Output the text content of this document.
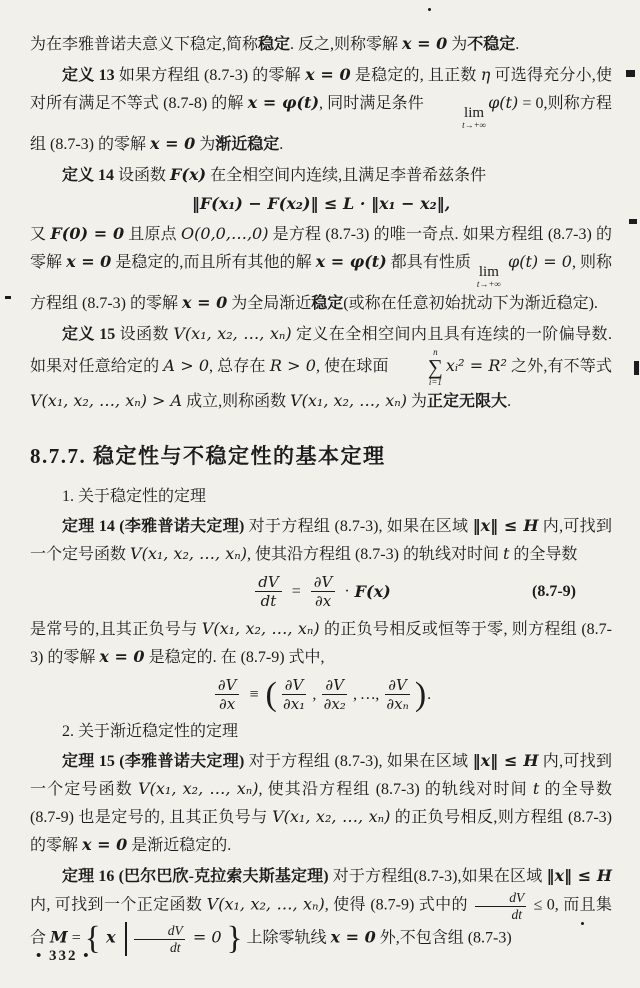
为在李雅普诺夫意义下稳定,简称稳定. 反之,则称零解 x = 0 为不稳定.

定义 13 如果方程组 (8.7-3) 的零解 x = 0 是稳定的, 且正数 η 可选得充分小,使对所有满足不等式 (8.7-8) 的解 x = φ(t), 同时满足条件
lim
t→+∞
φ(t) = 0,则称方程组 (8.7-3) 的零解 x = 0 为渐近稳定.

定义 14 设函数 F(x) 在全相空间内连续,且满足李普希兹条件

‖F(x₁) − F(x₂)‖ ≤ L · ‖x₁ − x₂‖,

又 F(0) = 0 且原点 O(0,0,…,0) 是方程 (8.7-3) 的唯一奇点. 如果方程组 (8.7-3) 的零解 x = 0 是稳定的,而且所有其他的解 x = φ(t) 都具有性质
lim
t→+∞
φ(t) = 0, 则称方程组 (8.7-3) 的零解 x = 0 为全局渐近稳定(或称在任意初始扰动下为渐近稳定).

定义 15 设函数 V(x₁, x₂, …, xₙ) 定义在全相空间内且具有连续的一阶偏导数. 如果对任意给定的 A > 0, 总存在 R > 0, 使在球面
n
∑
i=1
xᵢ² = R² 之外,有不等式 V(x₁, x₂, …, xₙ) > A 成立,则称函数 V(x₁, x₂, …, xₙ) 为正定无限大.

8.7.7. 稳定性与不稳定性的基本定理

1. 关于稳定性的定理

定理 14 (李雅普诺夫定理) 对于方程组 (8.7-3), 如果在区域 ‖x‖ ≤ H 内,可找到一个定号函数 V(x₁, x₂, …, xₙ), 使其沿方程组 (8.7-3) 的轨线对时间 t 的全导数

$\frac{dV}{dt} = \frac{\partial V}{\partial x} \cdot F(x)$	(8.7-9)

是常号的,且其正负号与 V(x₁, x₂, …, xₙ) 的正负号相反或恒等于零, 则方程组 (8.7-3) 的零解 x = 0 是稳定的. 在 (8.7-9) 式中,

$\frac{\partial V}{\partial x}$ ≡ ( $\frac{\partial V}{\text{∂x₁}}$ , $\frac{\partial V}{\text{∂x₂}}$ , …, $\frac{\partial V}{\text{∂xₙ}}$ ) .

2. 关于渐近稳定性的定理

定理 15 (李雅普诺夫定理) 对于方程组 (8.7-3), 如果在区域 ‖x‖ ≤ H 内,可找到一个定号函数 V(x₁, x₂, …, xₙ), 使其沿方程组 (8.7-3) 的轨线对时间 t 的全导数 (8.7-9) 也是定号的, 且其正负号与 V(x₁, x₂, …, xₙ) 的正负号相反,则方程组 (8.7-3) 的零解 x = 0 是渐近稳定的.

定理 16 (巴尔巴欣-克拉索夫斯基定理) 对于方程组(8.7-3),如果在区域 ‖x‖ ≤ H 内, 可找到一个正定函数 V(x₁, x₂, …, xₙ), 使得 (8.7-9) 式中的 $\frac{dV}{dt} \le 0$, 而且集合 M = { x $\frac{dV}{dt} = 0$ } 上除零轨线 x = 0 外,不包含组 (8.7-3)

• 332 •
